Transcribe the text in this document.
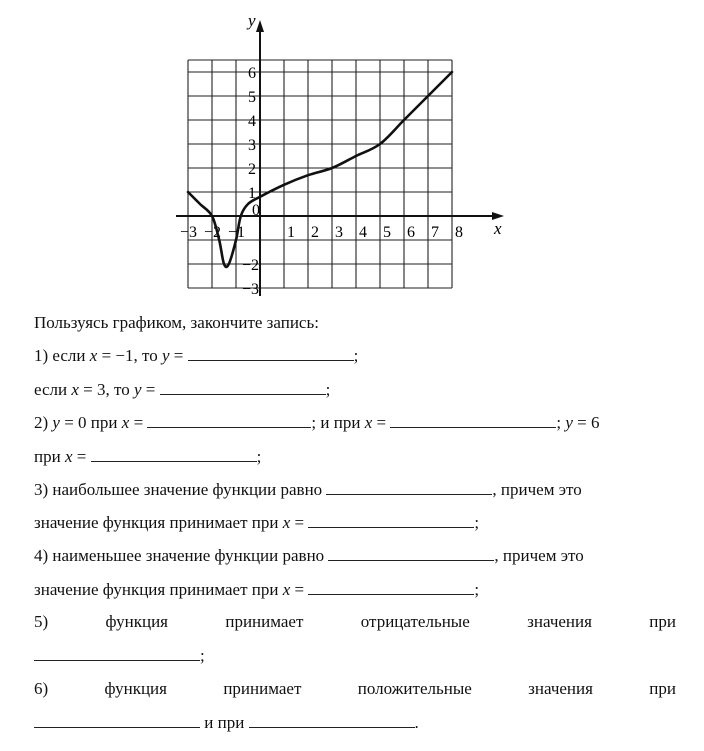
−3 −2 −1	1 2 3 4 5 6 7 8
6
5
4
3
2
1
−2
−3
x
y
0
Пользуясь графиком, закончите запись:
1) если x = −1, то y =	;
если x = 3, то y =	;
2) y = 0 при x =	; и при x =	; y = 6
при x =	;
3) наибольшее значение функции равно	, причем это
значение функция принимает при x =	;
4) наименьшее значение функции равно	, причем это
значение функция принимает при x =	;
5)	функция	принимает	отрицательные	значения	при
;
6)	функция	принимает	положительные	значения	при
и при	.
